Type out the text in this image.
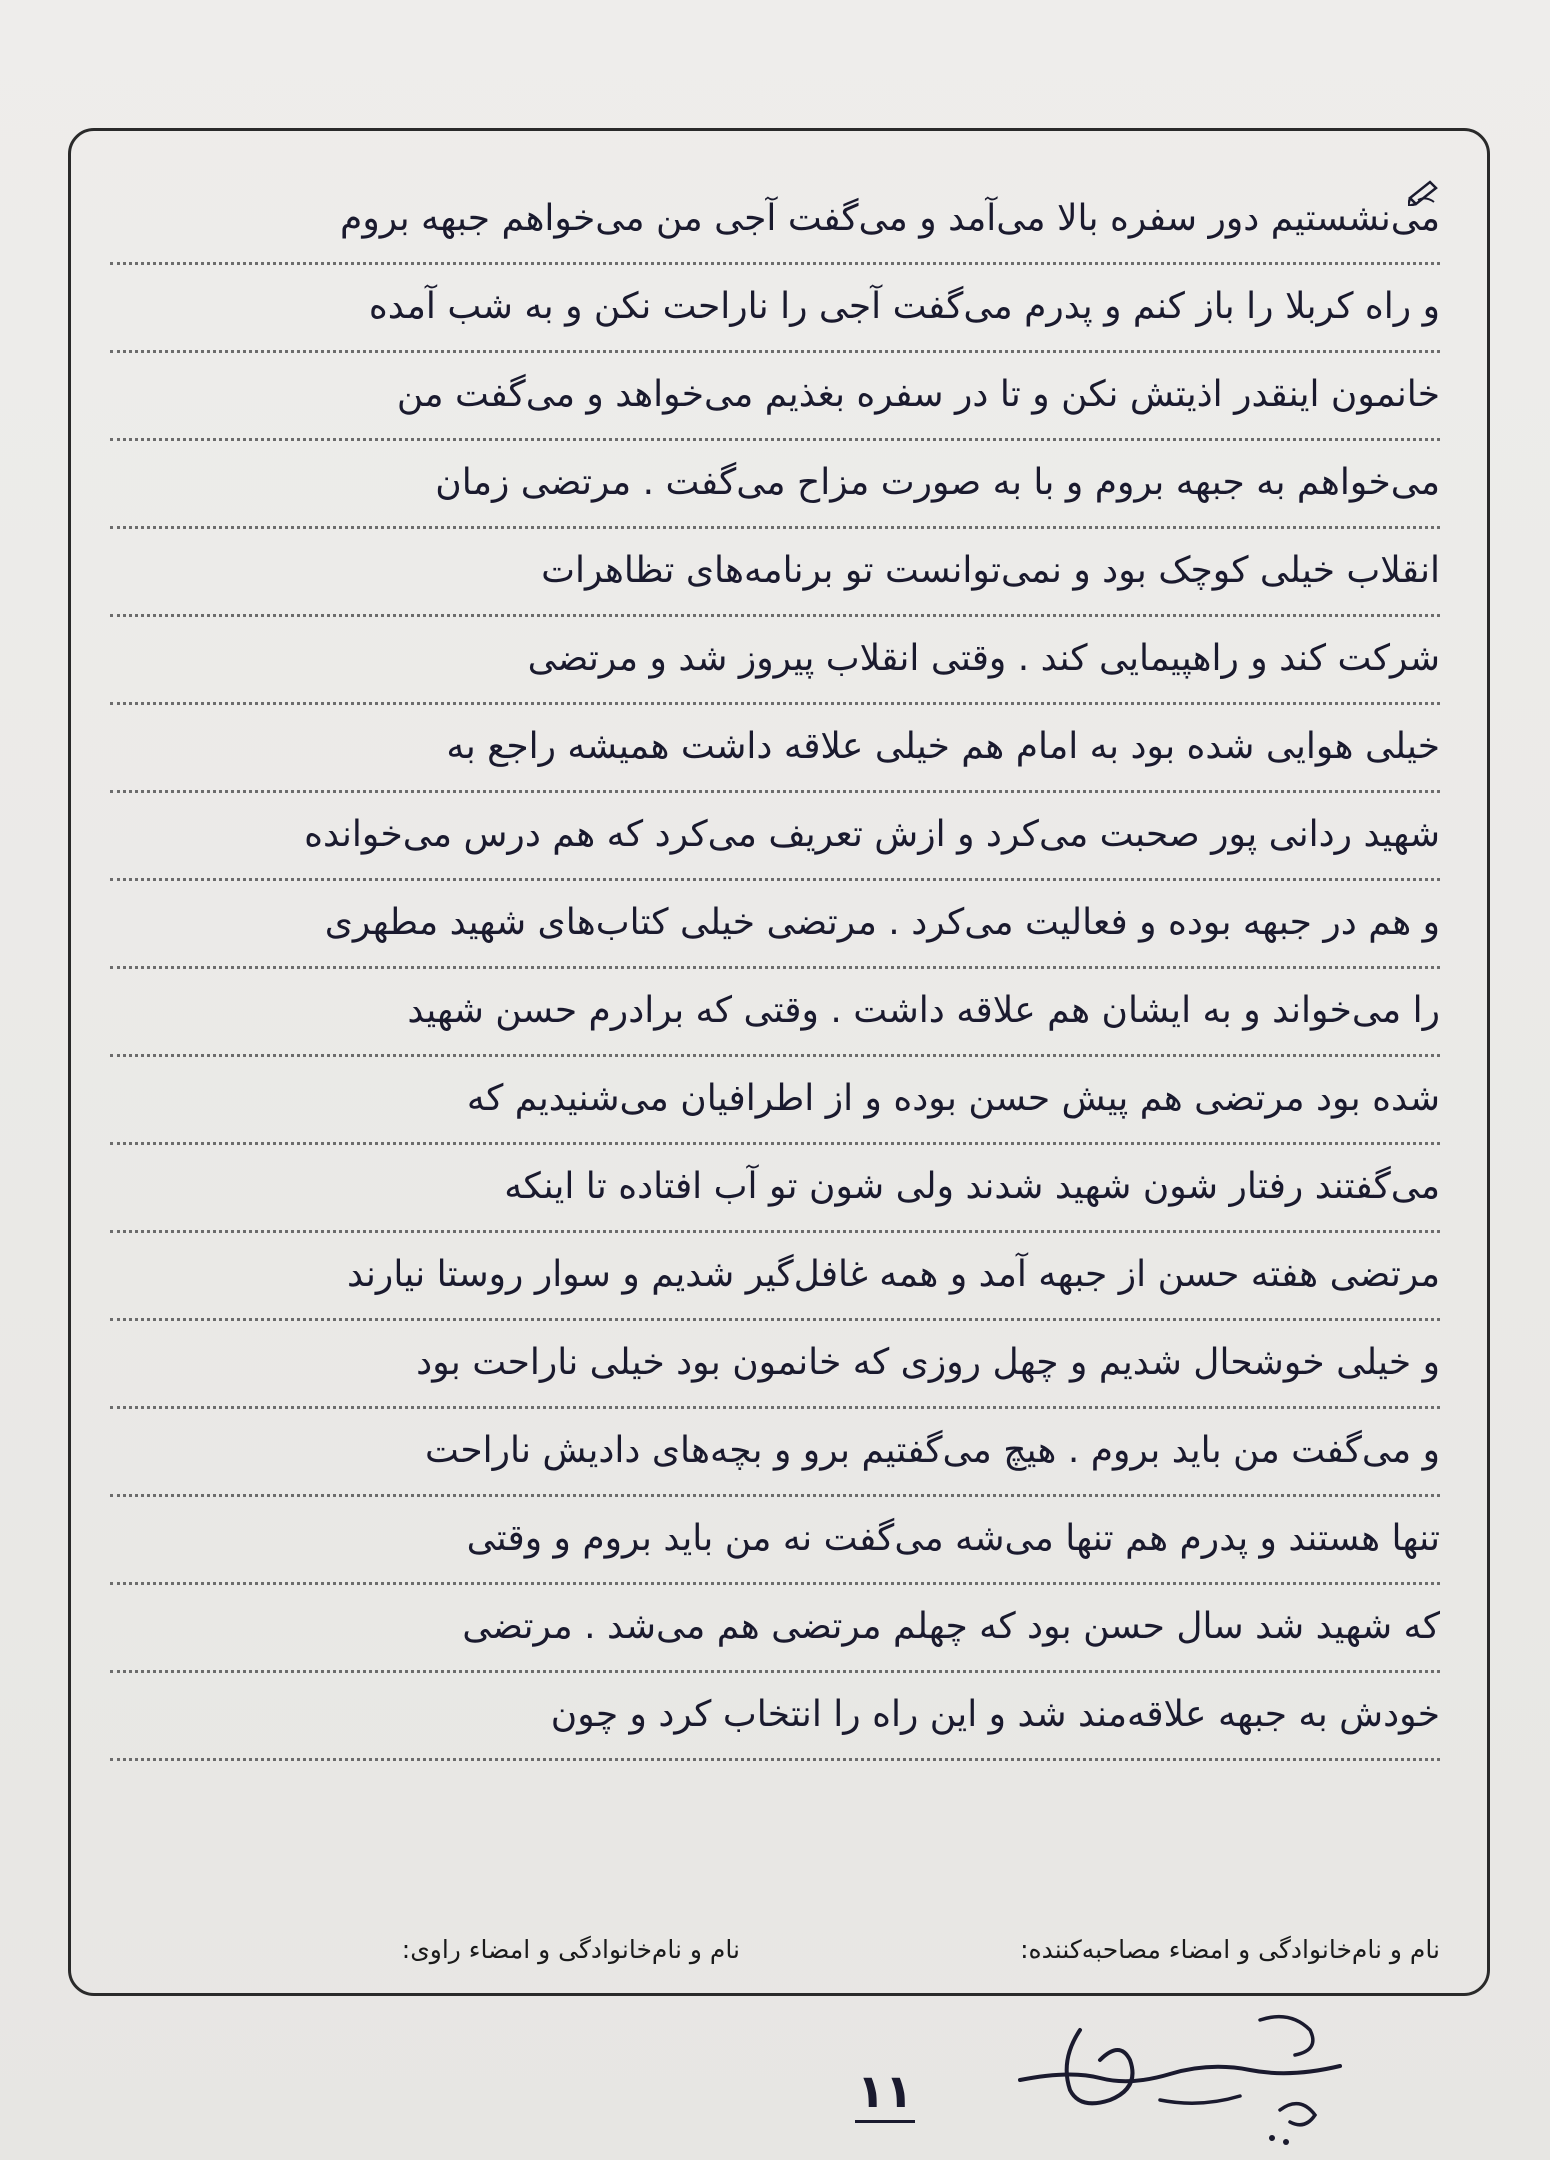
می‌نشستیم دور سفره بالا می‌آمد و می‌گفت آجی من می‌خواهم جبهه بروم
و راه کربلا را باز کنم و پدرم می‌گفت آجی را ناراحت نکن و به شب آمده
خانمون اینقدر اذیتش نکن و تا در سفره بغذیم می‌خواهد و می‌گفت من
می‌خواهم به جبهه بروم و با به صورت مزاح می‌گفت . مرتضی زمان
انقلاب خیلی کوچک بود و نمی‌توانست تو برنامه‌های تظاهرات
شرکت کند و راهپیمایی کند . وقتی انقلاب پیروز شد و مرتضی
خیلی هوایی شده بود به امام هم خیلی علاقه داشت همیشه راجع به
شهید ردانی پور صحبت می‌کرد و ازش تعریف می‌کرد که هم درس می‌خوانده
و هم در جبهه بوده و فعالیت می‌کرد . مرتضی خیلی کتاب‌های شهید مطهری
را می‌خواند و به ایشان هم علاقه داشت . وقتی که برادرم حسن شهید
شده بود مرتضی هم پیش حسن بوده و از اطرافیان می‌شنیدیم که
می‌گفتند رفتار شون شهید شدند ولی شون تو آب افتاده تا اینکه
مرتضی هفته حسن از جبهه آمد و همه غافل‌گیر شدیم و سوار روستا نیارند
و خیلی خوشحال شدیم و چهل روزی که خانمون بود خیلی ناراحت بود
و می‌گفت من باید بروم . هیچ می‌گفتیم برو و بچه‌های دادیش ناراحت
تنها هستند و پدرم هم تنها می‌شه می‌گفت نه من باید بروم و وقتی
که شهید شد سال حسن بود که چهلم مرتضی هم می‌شد . مرتضی
خودش به جبهه علاقه‌مند شد و این راه را انتخاب کرد و چون
نام و نام‌خانوادگی و امضاء مصاحبه‌کننده:
نام و نام‌خانوادگی و امضاء راوی:
۱۱
